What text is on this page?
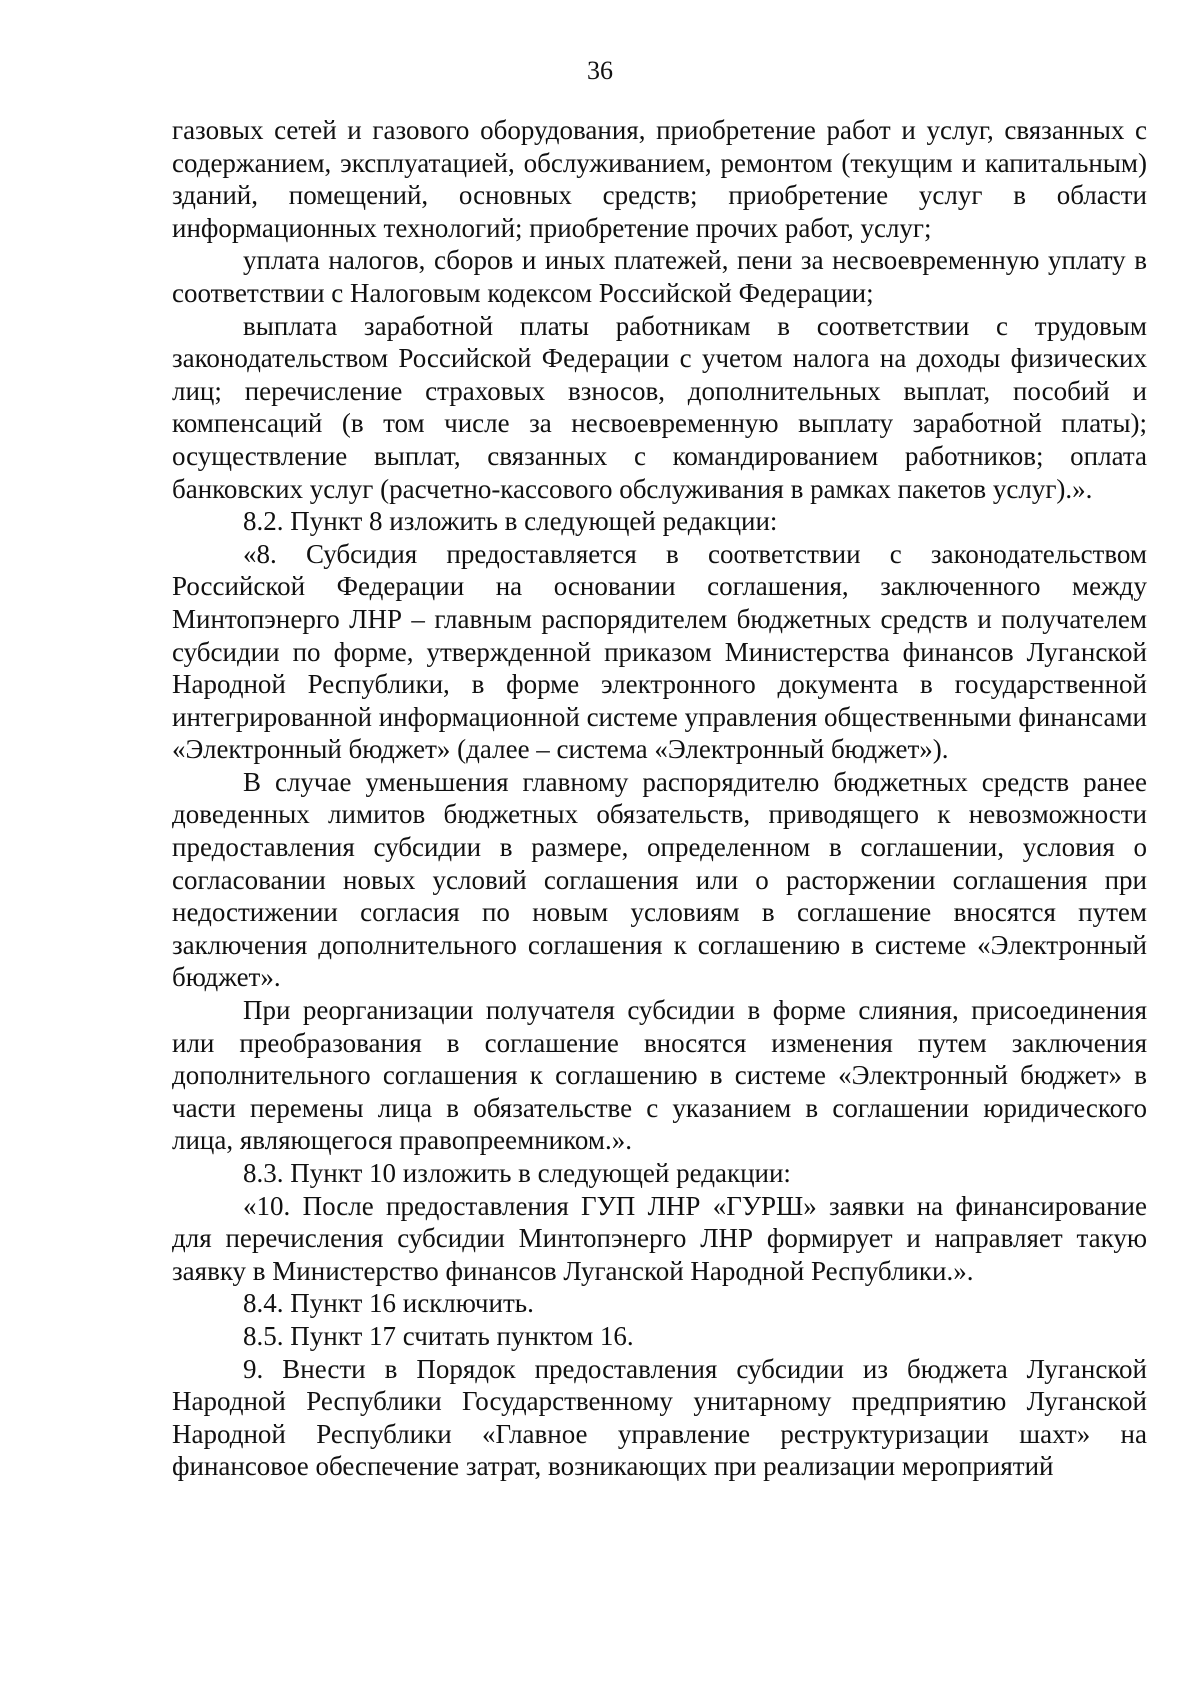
36

газовых сетей и газового оборудования, приобретение работ и услуг, связанных с содержанием, эксплуатацией, обслуживанием, ремонтом (текущим и капитальным) зданий, помещений, основных средств; приобретение услуг в области информационных технологий; приобретение прочих работ, услуг;

уплата налогов, сборов и иных платежей, пени за несвоевременную уплату в соответствии с Налоговым кодексом Российской Федерации;

выплата заработной платы работникам в соответствии с трудовым законодательством Российской Федерации с учетом налога на доходы физических лиц; перечисление страховых взносов, дополнительных выплат, пособий и компенсаций (в том числе за несвоевременную выплату заработной платы); осуществление выплат, связанных с командированием работников; оплата банковских услуг (расчетно-кассового обслуживания в рамках пакетов услуг).».

8.2. Пункт 8 изложить в следующей редакции:

«8. Субсидия предоставляется в соответствии с законодательством Российской Федерации на основании соглашения, заключенного между Минтопэнерго ЛНР – главным распорядителем бюджетных средств и получателем субсидии по форме, утвержденной приказом Министерства финансов Луганской Народной Республики, в форме электронного документа в государственной интегрированной информационной системе управления общественными финансами «Электронный бюджет» (далее – система «Электронный бюджет»).

В случае уменьшения главному распорядителю бюджетных средств ранее доведенных лимитов бюджетных обязательств, приводящего к невозможности предоставления субсидии в размере, определенном в соглашении, условия о согласовании новых условий соглашения или о расторжении соглашения при недостижении согласия по новым условиям в соглашение вносятся путем заключения дополнительного соглашения к соглашению в системе «Электронный бюджет».

При реорганизации получателя субсидии в форме слияния, присоединения или преобразования в соглашение вносятся изменения путем заключения дополнительного соглашения к соглашению в системе «Электронный бюджет» в части перемены лица в обязательстве с указанием в соглашении юридического лица, являющегося правопреемником.».

8.3. Пункт 10 изложить в следующей редакции:

«10. После предоставления ГУП ЛНР «ГУРШ» заявки на финансирование для перечисления субсидии Минтопэнерго ЛНР формирует и направляет такую заявку в Министерство финансов Луганской Народной Республики.».

8.4. Пункт 16 исключить.

8.5. Пункт 17 считать пунктом 16.

9. Внести в Порядок предоставления субсидии из бюджета Луганской Народной Республики Государственному унитарному предприятию Луганской Народной Республики «Главное управление реструктуризации шахт» на финансовое обеспечение затрат, возникающих при реализации мероприятий
